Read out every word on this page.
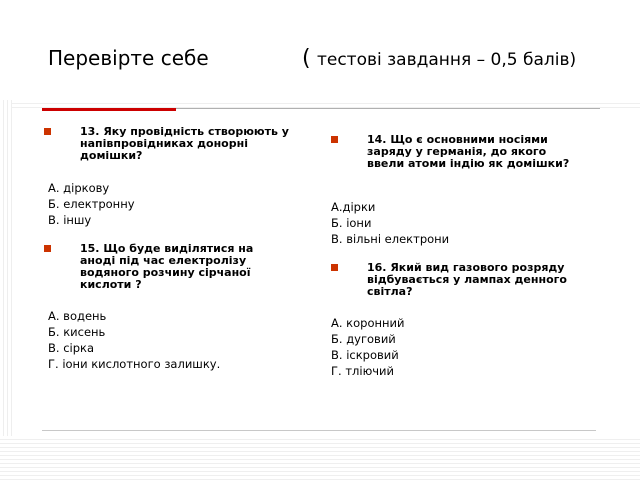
Перевірте себе	( тестові завдання – 0,5 балів)
13. Яку провідність створюють у напівпровідниках донорні домішки?
А. діркову
Б. електронну
В. іншу
15. Що буде виділятися на аноді під час електролізу водяного розчину сірчаної кислоти ?
А. водень
Б. кисень
В. сірка
Г. іони кислотного залишку.
14. Що є основними носіями заряду у германія, до якого ввели атоми індію як домішки?
А.дірки
Б. іони
В. вільні електрони
16. Який вид газового розряду відбувається у лампах денного світла?
А. коронний
Б. дуговий
В. іскровий
Г. тліючий
